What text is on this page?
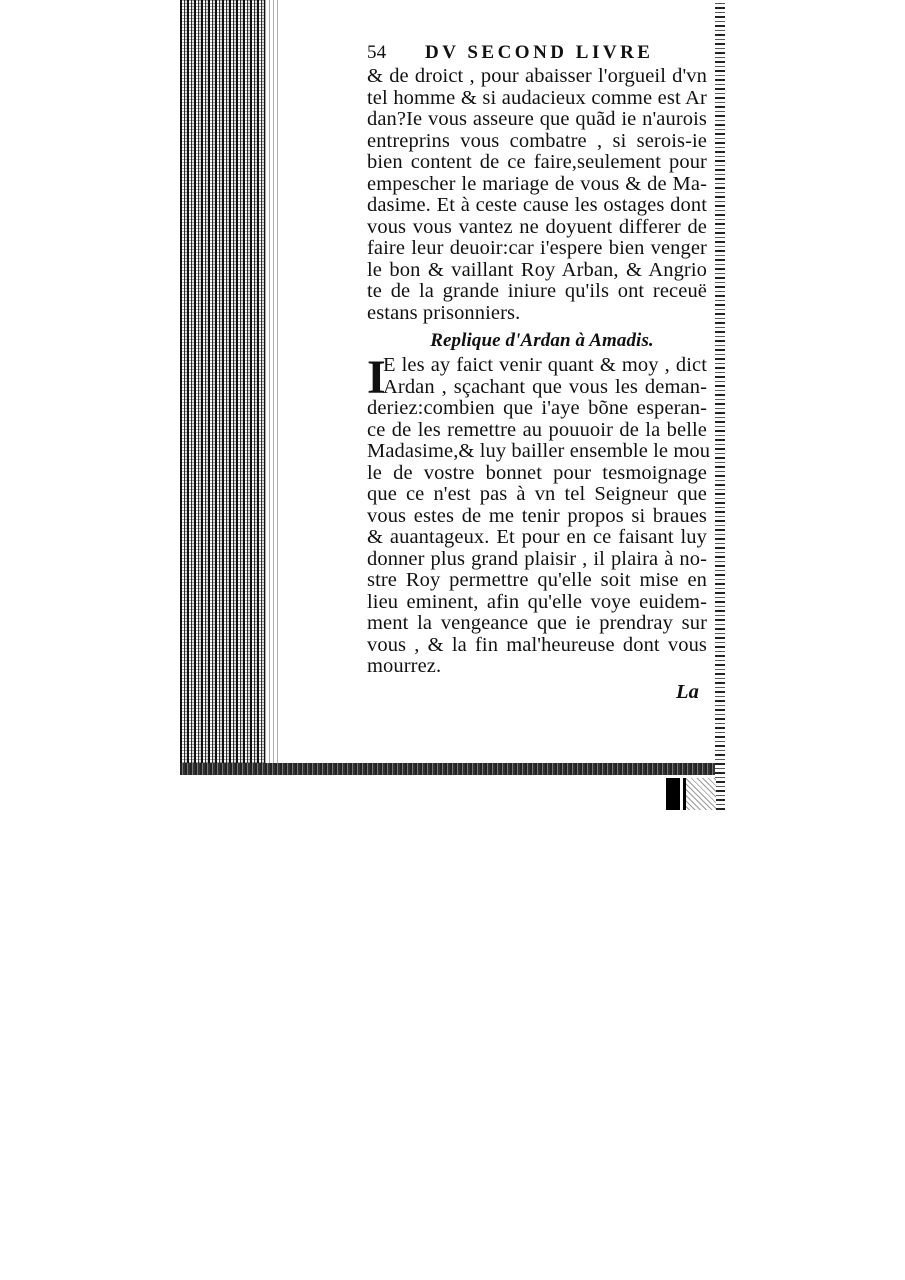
54 DV SECOND LIVRE
& de droict , pour abaisser l'orgueil d'vn
tel homme & si audacieux comme est Ar
dan?Ie vous asseure que quãd ie n'aurois
entreprins vous combatre , si serois-ie
bien content de ce faire,seulement pour
empescher le mariage de vous & de Ma-
dasime. Et à ceste cause les ostages dont
vous vous vantez ne doyuent differer de
faire leur deuoir:car i'espere bien venger
le bon & vaillant Roy Arban, & Angrio
te de la grande iniure qu'ils ont receuë
estans prisonniers.
Replique d'Ardan à Amadis.
I
E les ay faict venir quant & moy , dict
Ardan , sçachant que vous les deman-
deriez:combien que i'aye bõne esperan-
ce de les remettre au pouuoir de la belle
Madasime,& luy bailler ensemble le mou
le de vostre bonnet pour tesmoignage
que ce n'est pas à vn tel Seigneur que
vous estes de me tenir propos si braues
& auantageux. Et pour en ce faisant luy
donner plus grand plaisir , il plaira à no-
stre Roy permettre qu'elle soit mise en
lieu eminent, afin qu'elle voye euidem-
ment la vengeance que ie prendray sur
vous , & la fin mal'heureuse dont vous
mourrez.
La
